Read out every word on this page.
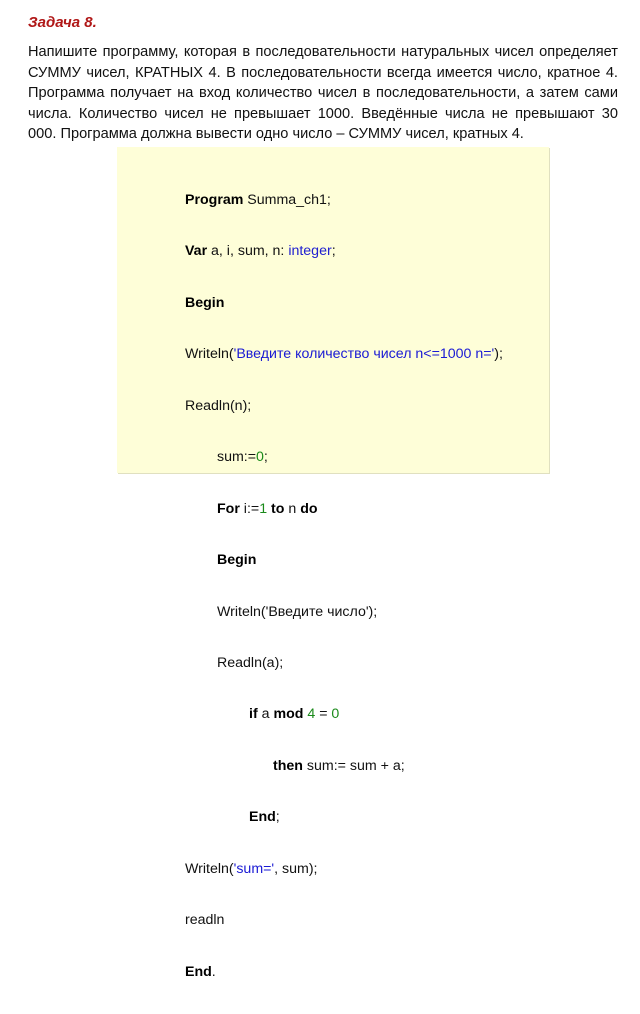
Задача 8.

Напишите программу, которая в последовательности натуральных чисел определяет СУММУ чисел, КРАТНЫХ 4. В последовательности всегда имеется число, кратное 4. Программа получает на вход количество чисел в последовательности, а затем сами числа. Количество чисел не превышает 1000. Введённые числа не превышают 30 000. Программа должна вывести одно число – СУММУ чисел, кратных 4.

Program Summa_ch1;

Var a, i, sum, n: integer;

Begin

Writeln('Введите количество чисел n<=1000 n=');

Readln(n);

sum:=0;

For i:=1 to n do

Begin

Writeln('Введите число');

Readln(a);

if a mod 4 = 0

then sum:= sum + a;

End;

Writeln('sum=', sum);

readln

End.
